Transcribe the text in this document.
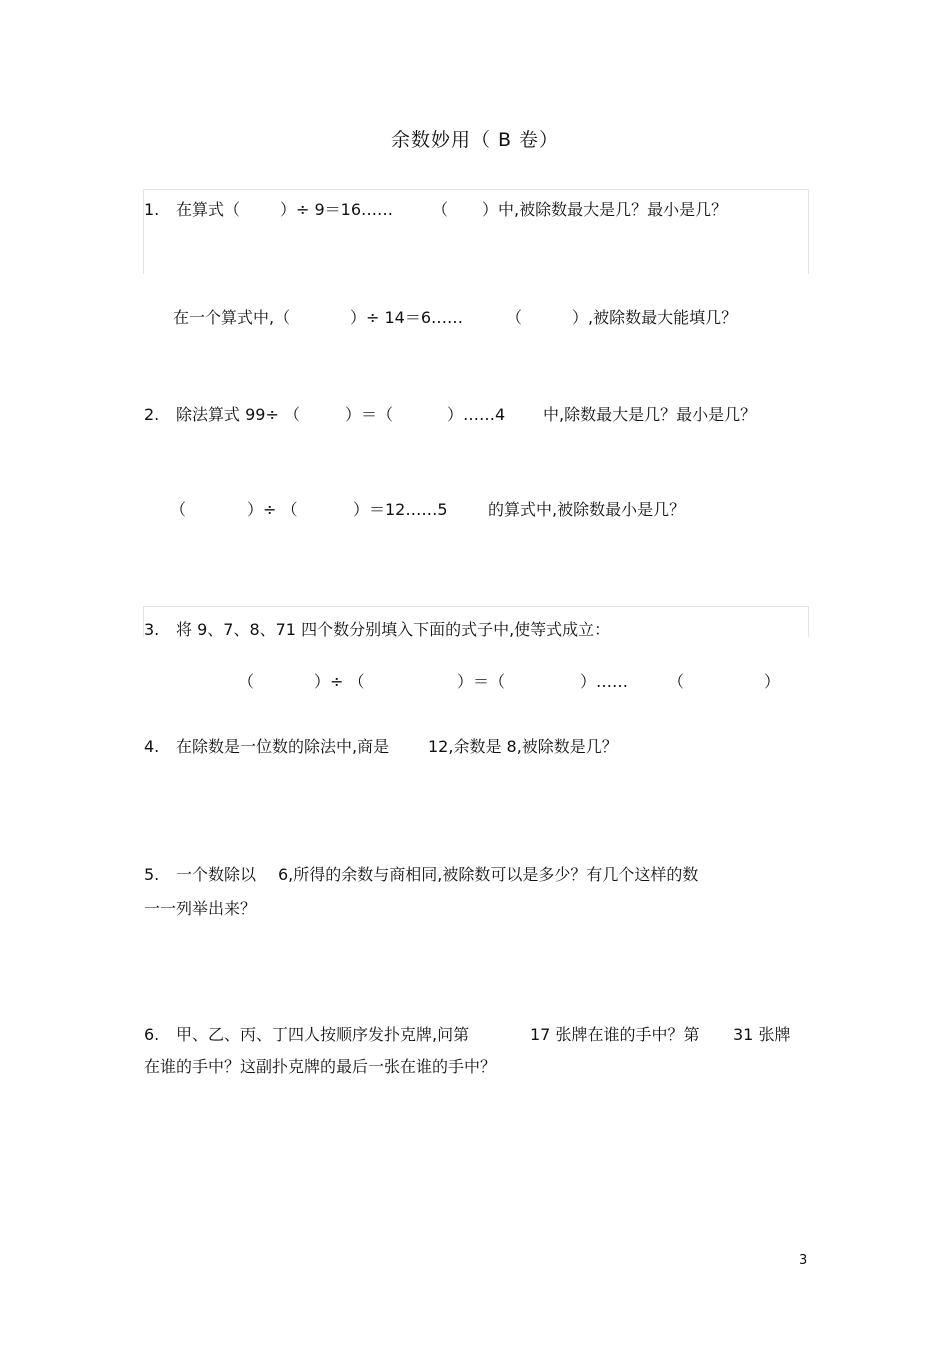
余数妙用（ B 卷）
1. 在算式（ ）÷ 9＝16…… （ ）中,被除数最大是几？最小是几？
在一个算式中,（	）÷ 14＝6……	（	）,被除数最大能填几？
2. 除法算式 99÷ （	）＝（	）……4 中,除数最大是几？最小是几？
（	）÷ （	）＝12……5	的算式中,被除数最小是几？
3. 将 9、7、8、71 四个数分别填入下面的式子中,使等式成立：
（	）÷ （	）＝（	）…… （	）
4. 在除数是一位数的除法中,商是 12,余数是 8,被除数是几？
5. 一个数除以 6,所得的余数与商相同,被除数可以是多少？有几个这样的数
一一列举出来？
6. 甲、乙、丙、丁四人按顺序发扑克牌,问第	17 张牌在谁的手中？第 31 张牌
在谁的手中？这副扑克牌的最后一张在谁的手中？
3
